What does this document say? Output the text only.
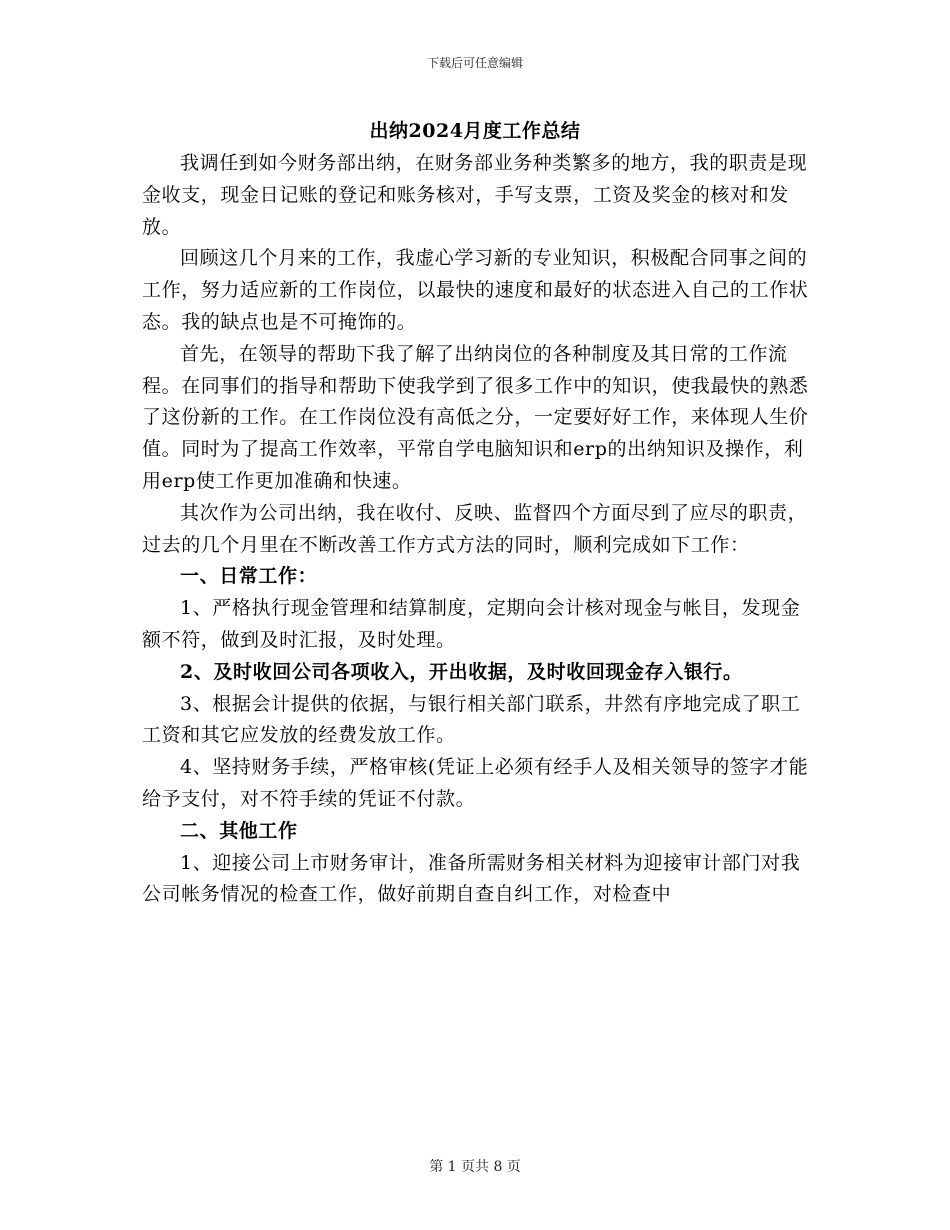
下载后可任意编辑
出纳2024月度工作总结

我调任到如今财务部出纳，在财务部业务种类繁多的地方，我的职责是现金收支，现金日记账的登记和账务核对，手写支票，工资及奖金的核对和发放。

回顾这几个月来的工作，我虚心学习新的专业知识，积极配合同事之间的工作，努力适应新的工作岗位，以最快的速度和最好的状态进入自己的工作状态。我的缺点也是不可掩饰的。

首先，在领导的帮助下我了解了出纳岗位的各种制度及其日常的工作流程。在同事们的指导和帮助下使我学到了很多工作中的知识，使我最快的熟悉了这份新的工作。在工作岗位没有高低之分，一定要好好工作，来体现人生价值。同时为了提高工作效率，平常自学电脑知识和erp的出纳知识及操作，利用erp使工作更加准确和快速。

其次作为公司出纳，我在收付、反映、监督四个方面尽到了应尽的职责，过去的几个月里在不断改善工作方式方法的同时，顺利完成如下工作：

一、日常工作：

1、严格执行现金管理和结算制度，定期向会计核对现金与帐目，发现金额不符，做到及时汇报，及时处理。

2、及时收回公司各项收入，开出收据，及时收回现金存入银行。

3、根据会计提供的依据，与银行相关部门联系，井然有序地完成了职工工资和其它应发放的经费发放工作。

4、坚持财务手续，严格审核(凭证上必须有经手人及相关领导的签字才能给予支付，对不符手续的凭证不付款。

二、其他工作

1、迎接公司上市财务审计，准备所需财务相关材料为迎接审计部门对我公司帐务情况的检查工作，做好前期自查自纠工作，对检查中

第 1 页共 8 页
